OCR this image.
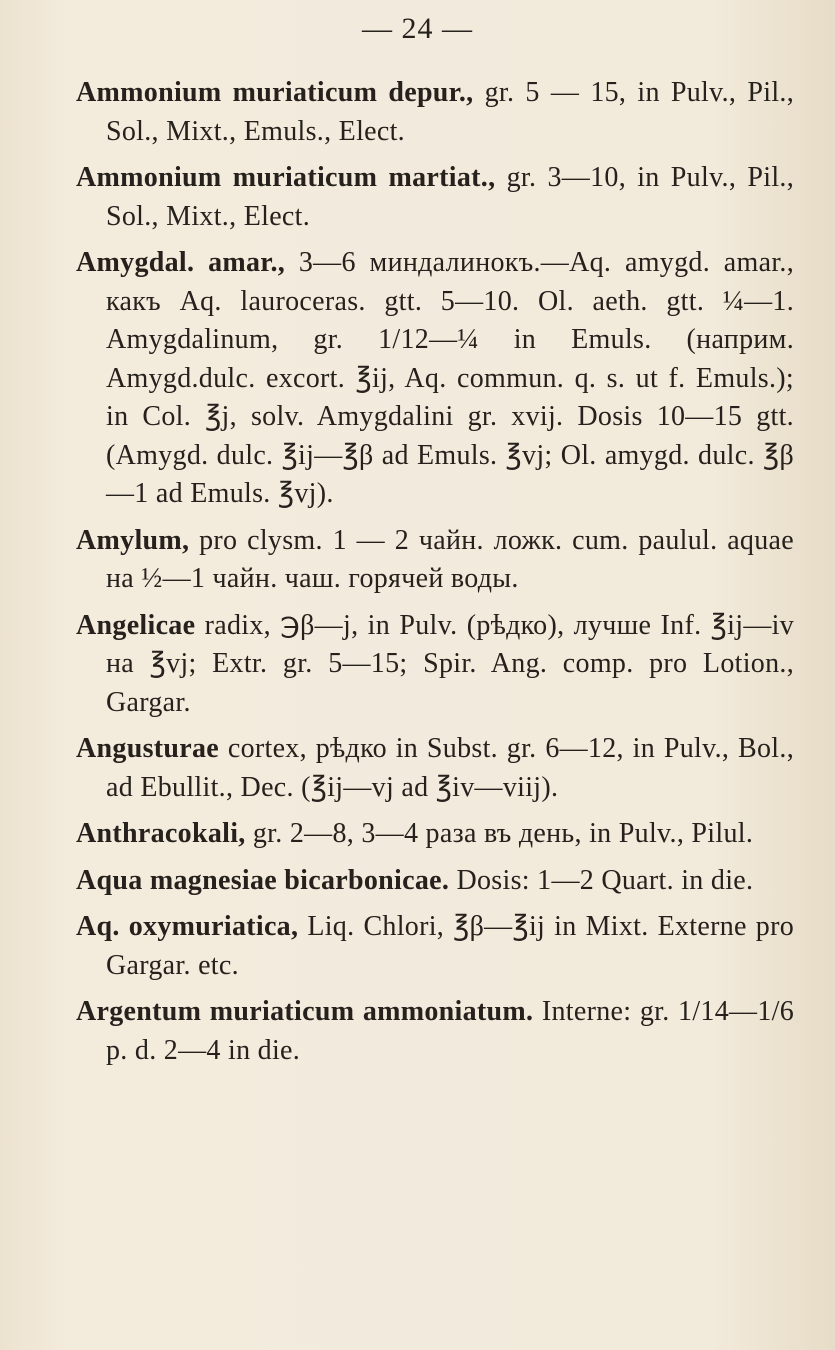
— 24 —

Ammonium muriaticum depur., gr. 5 — 15, in Pulv., Pil., Sol., Mixt., Emuls., Elect.

Ammonium muriaticum martiat., gr. 3—10, in Pulv., Pil., Sol., Mixt., Elect.

Amygdal. amar., 3—6 миндалинокъ.—Aq. amygd. amar., какъ Aq. lauroceras. gtt. 5—10. Ol. aeth. gtt. ¼—1. Amygdalinum, gr. 1/12—¼ in Emuls. (наприм. Amygd.dulc. excort. ℥ij, Aq. commun. q. s. ut f. Emuls.); in Col. ℥j, solv. Amygdalini gr. xvij. Dosis 10—15 gtt. (Amygd. dulc. ℥ij—℥β ad Emuls. ℥vj; Ol. amygd. dulc. ℥β—1 ad Emuls. ℥vj).

Amylum, pro clysm. 1 — 2 чайн. ложк. cum. paulul. aquae на ½—1 чайн. чаш. горячей воды.

Angelicae radix, ℈β—j, in Pulv. (рѣдко), лучше Inf. ℥ij—iv на ℥vj; Extr. gr. 5—15; Spir. Ang. comp. pro Lotion., Gargar.

Angusturae cortex, рѣдко in Subst. gr. 6—12, in Pulv., Bol., ad Ebullit., Dec. (℥ij—vj ad ℥iv—viij).

Anthracokali, gr. 2—8, 3—4 раза въ день, in Pulv., Pilul.

Aqua magnesiae bicarbonicae. Dosis: 1—2 Quart. in die.

Aq. oxymuriatica, Liq. Chlori, ℥β—℥ij in Mixt. Externe pro Gargar. etc.

Argentum muriaticum ammoniatum. Interne: gr. 1/14—1/6 p. d. 2—4 in die.
